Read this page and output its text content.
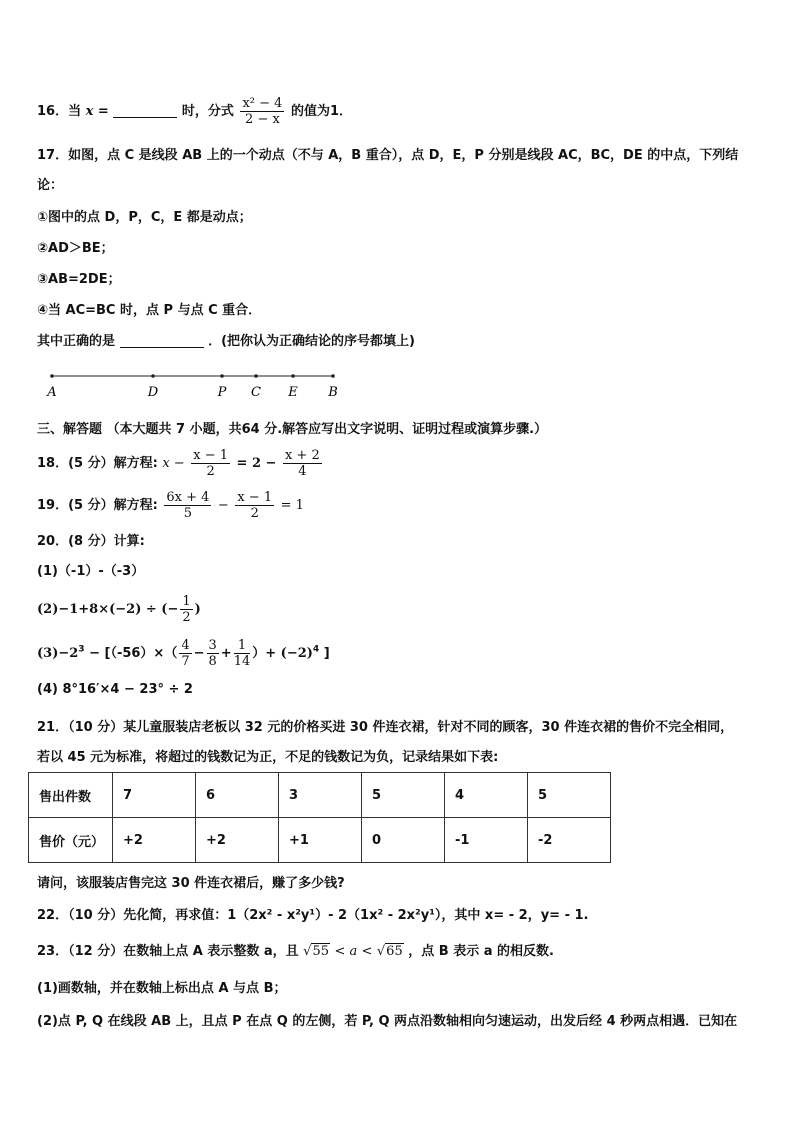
16．当 x =	时，分式 $\frac{\text{x² − 4}}{2 - x}$ 的值为1．
17．如图，点 C 是线段 AB 上的一个动点（不与 A，B 重合），点 D，E，P 分别是线段 AC，BC，DE 的中点，下列结
论：
①图中的点 D，P，C，E 都是动点；
②AD＞BE；
③AB=2DE；
④当 AC=BC 时，点 P 与点 C 重合．
其中正确的是	．(把你认为正确结论的序号都填上)
A	D	P C E B
三、解答题 （本大题共 7 小题，共64 分.解答应写出文字说明、证明过程或演算步骤.）
18．(5 分）解方程: $x - \frac{x - 1}{2} = 2 - \frac{x + 2}{4}$
19．(5 分）解方程: $\frac{6x + 4}{5} - \frac{x - 1}{2} = 1$
20．(8 分）计算:
(1)（-1）-（-3）
(2)−1+8×(−2) ÷ (− $\frac{1}{2}$ )
$(3)-2^3 - [(-56)\times( \frac{4}{7} - \frac{3}{8} + \frac{1}{14}$ ）+ $(-2)^4$ ]
(4) 8°16′×4 − 23° ÷ 2
21．（10 分）某儿童服装店老板以 32 元的价格买进 30 件连衣裙，针对不同的顾客，30 件连衣裙的售价不完全相同，
若以 45 元为标准，将超过的钱数记为正，不足的钱数记为负，记录结果如下表:
售出件数	7	6	3	5	4	5
售价（元）	+2	+2	+1	0	-1	-2
请问，该服装店售完这 30 件连衣裙后，赚了多少钱?
22．（10 分）先化简，再求值：1（2x² - x²y¹）- 2（1x² - 2x²y¹），其中 x= - 2，y= - 1.
23．（12 分）在数轴上点 A 表示整数 a，且 √55 < a < √65 ，点 B 表示 a 的相反数.
(1)画数轴，并在数轴上标出点 A 与点 B；
(2)点 P, Q 在线段 AB 上，且点 P 在点 Q 的左侧，若 P, Q 两点沿数轴相向匀速运动，出发后经 4 秒两点相遇．已知在
